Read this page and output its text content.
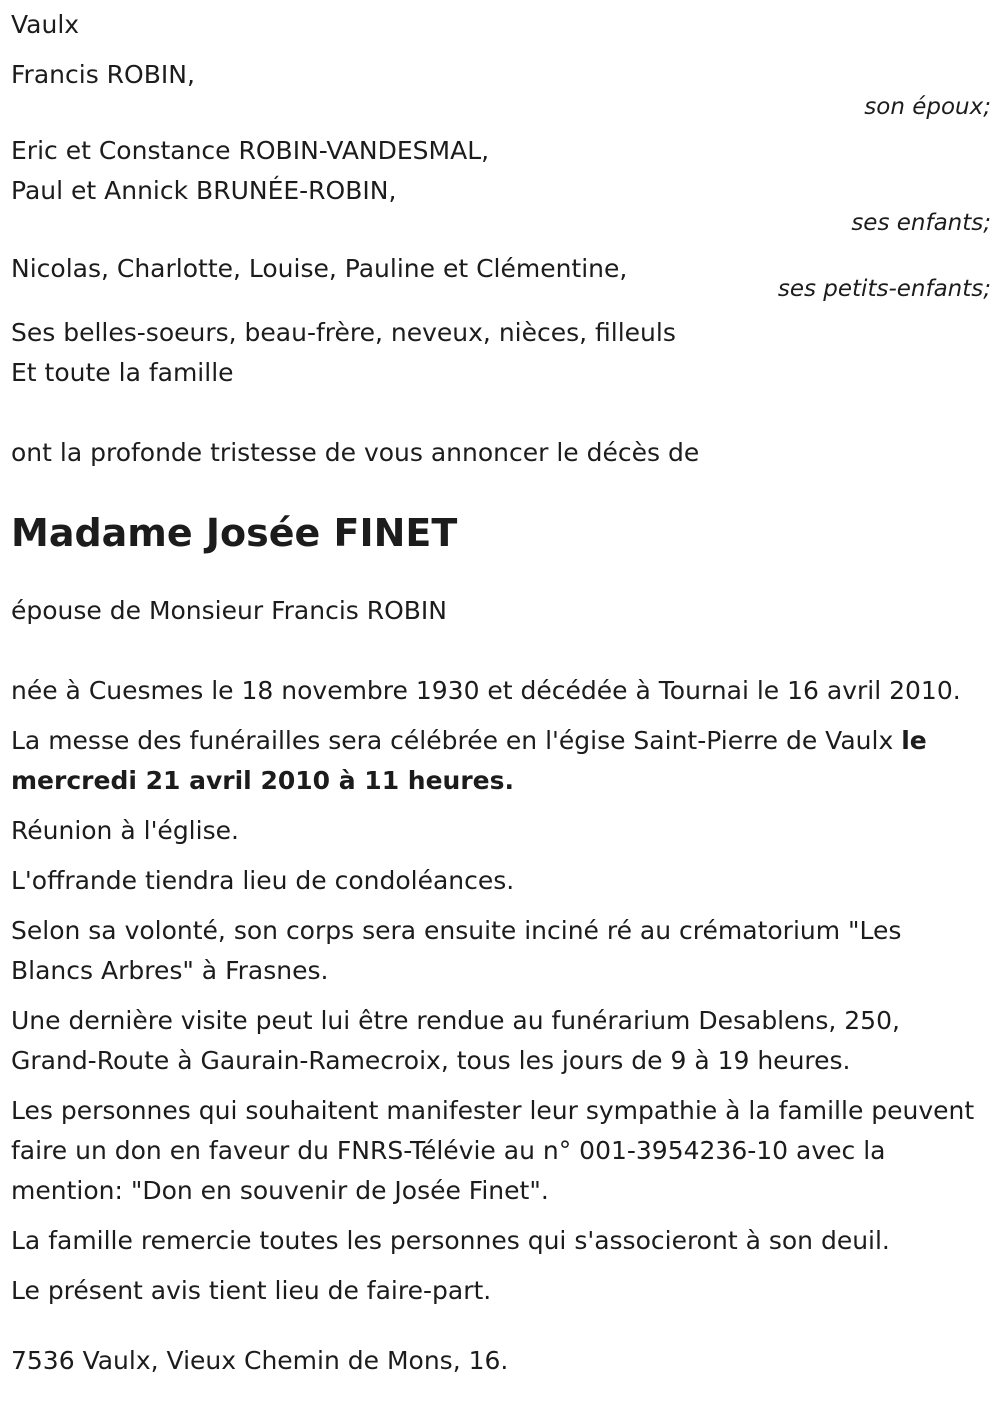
Vaulx

Francis ROBIN,

son époux;

Eric et Constance ROBIN-VANDESMAL,

Paul et Annick BRUNÉE-ROBIN,

ses enfants;

Nicolas, Charlotte, Louise, Pauline et Clémentine,

ses petits-enfants;

Ses belles-soeurs, beau-frère, neveux, nièces, filleuls

Et toute la famille

ont la profonde tristesse de vous annoncer le décès de

Madame Josée FINET

épouse de Monsieur Francis ROBIN

née à Cuesmes le 18 novembre 1930 et décédée à Tournai le 16 avril 2010.

La messe des funérailles sera célébrée en l'égise Saint-Pierre de Vaulx le mercredi 21 avril 2010 à 11 heures.

Réunion à l'église.

L'offrande tiendra lieu de condoléances.

Selon sa volonté, son corps sera ensuite inciné ré au crématorium "Les Blancs Arbres" à Frasnes.

Une dernière visite peut lui être rendue au funérarium Desablens, 250, Grand-Route à Gaurain-Ramecroix, tous les jours de 9 à 19 heures.

Les personnes qui souhaitent manifester leur sympathie à la famille peuvent faire un don en faveur du FNRS-Télévie au n° 001-3954236-10 avec la mention: "Don en souvenir de Josée Finet".

La famille remercie toutes les personnes qui s'associeront à son deuil.

Le présent avis tient lieu de faire-part.

7536 Vaulx, Vieux Chemin de Mons, 16.
